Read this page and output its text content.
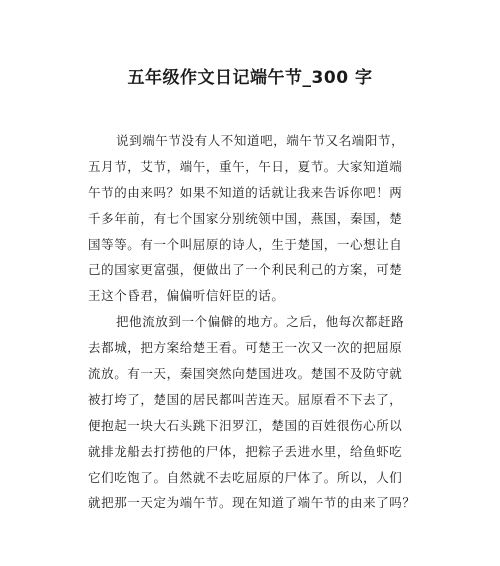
五年级作文日记端午节_300 字
说到端午节没有人不知道吧，端午节又名端阳节，
五月节，艾节，端午，重午，午日，夏节。大家知道端
午节的由来吗？如果不知道的话就让我来告诉你吧！两
千多年前，有七个国家分别统领中国，燕国，秦国，楚
国等等。有一个叫屈原的诗人，生于楚国，一心想让自
己的国家更富强，便做出了一个利民利己的方案，可楚
王这个昏君，偏偏听信奸臣的话。
把他流放到一个偏僻的地方。之后，他每次都赶路
去都城，把方案给楚王看。可楚王一次又一次的把屈原
流放。有一天，秦国突然向楚国进攻。楚国不及防守就
被打垮了，楚国的居民都叫苦连天。屈原看不下去了，
便抱起一块大石头跳下汨罗江，楚国的百姓很伤心所以
就排龙船去打捞他的尸体，把粽子丢进水里，给鱼虾吃
它们吃饱了。自然就不去吃屈原的尸体了。所以，人们
就把那一天定为端午节。现在知道了端午节的由来了吗？
